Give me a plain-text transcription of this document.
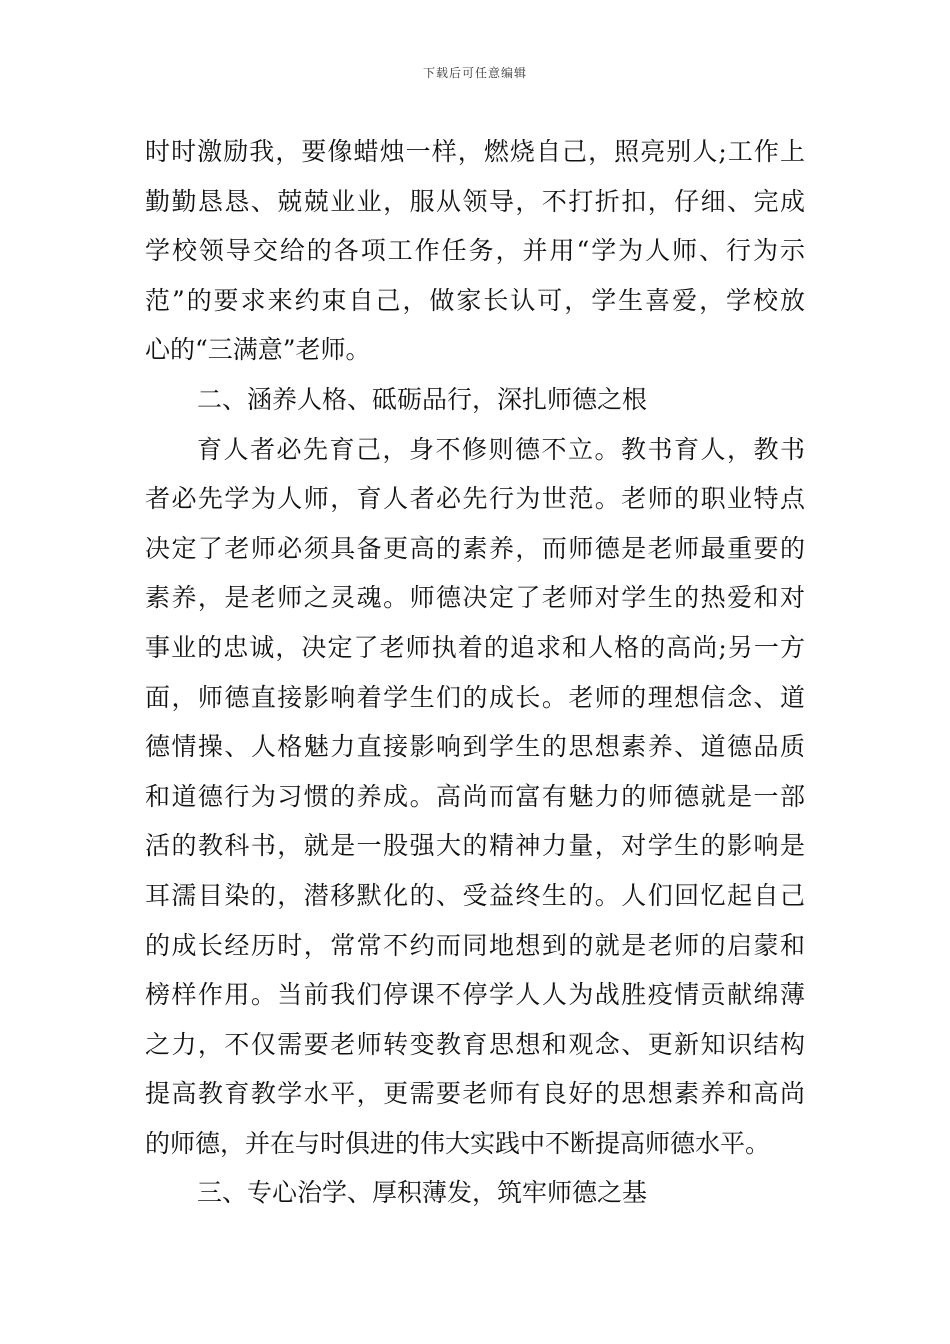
下载后可任意编辑
时时激励我，要像蜡烛一样，燃烧自己，照亮别人;工作上
勤勤恳恳、兢兢业业，服从领导，不打折扣，仔细、完成
学校领导交给的各项工作任务，并用“学为人师、行为示
范”的要求来约束自己，做家长认可，学生喜爱，学校放
心的“三满意”老师。
二、涵养人格、砥砺品行，深扎师德之根
育人者必先育己，身不修则德不立。教书育人，教书
者必先学为人师，育人者必先行为世范。老师的职业特点
决定了老师必须具备更高的素养，而师德是老师最重要的
素养，是老师之灵魂。师德决定了老师对学生的热爱和对
事业的忠诚，决定了老师执着的追求和人格的高尚;另一方
面，师德直接影响着学生们的成长。老师的理想信念、道
德情操、人格魅力直接影响到学生的思想素养、道德品质
和道德行为习惯的养成。高尚而富有魅力的师德就是一部
活的教科书，就是一股强大的精神力量，对学生的影响是
耳濡目染的，潜移默化的、受益终生的。人们回忆起自己
的成长经历时，常常不约而同地想到的就是老师的启蒙和
榜样作用。当前我们停课不停学人人为战胜疫情贡献绵薄
之力，不仅需要老师转变教育思想和观念、更新知识结构
提高教育教学水平，更需要老师有良好的思想素养和高尚
的师德，并在与时俱进的伟大实践中不断提高师德水平。
三、专心治学、厚积薄发，筑牢师德之基
